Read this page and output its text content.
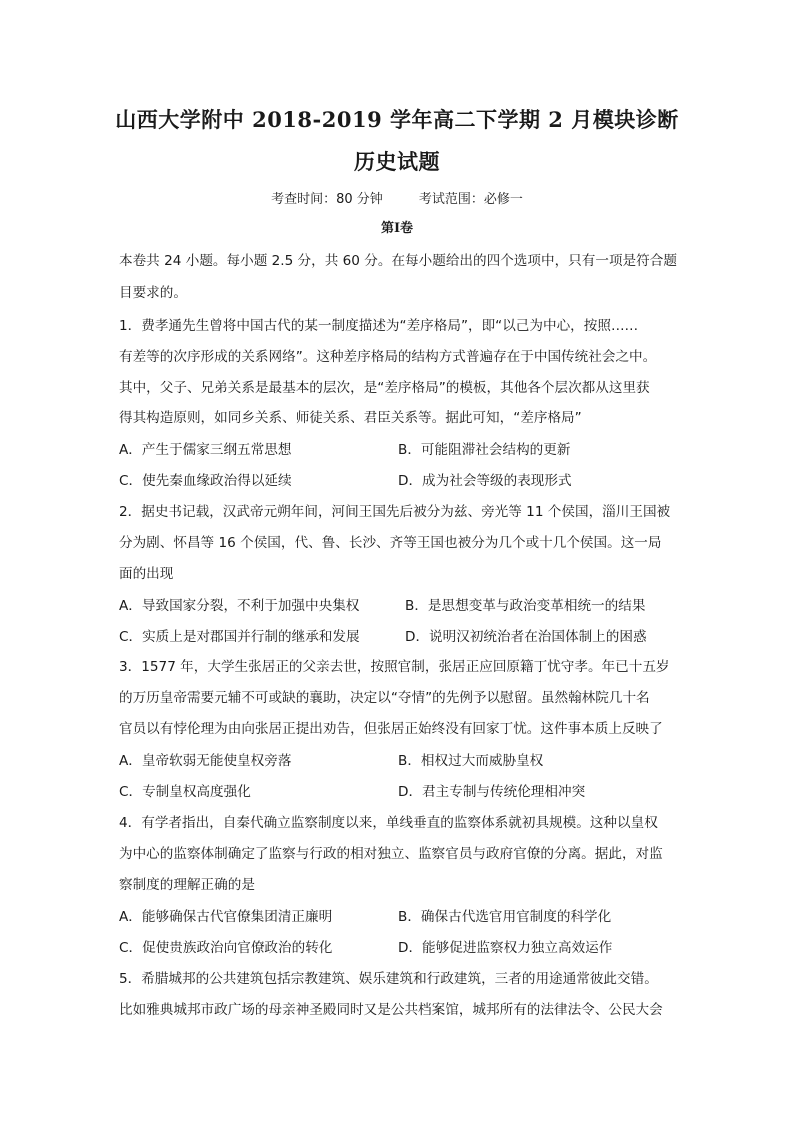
山西大学附中 2018-2019 学年高二下学期 2 月模块诊断
历史试题
考查时间：80 分钟	考试范围：必修一
第Ⅰ卷
本卷共 24 小题。每小题 2.5 分，共 60 分。在每小题给出的四个选项中，只有一项是符合题
目要求的。
1．费孝通先生曾将中国古代的某一制度描述为“差序格局”，即“以己为中心，按照……
有差等的次序形成的关系网络”。这种差序格局的结构方式普遍存在于中国传统社会之中。
其中，父子、兄弟关系是最基本的层次，是“差序格局”的模板，其他各个层次都从这里获
得其构造原则，如同乡关系、师徒关系、君臣关系等。据此可知，“差序格局”
A．产生于儒家三纲五常思想	B．可能阻滞社会结构的更新
C．使先秦血缘政治得以延续	D．成为社会等级的表现形式
2．据史书记载，汉武帝元朔年间，河间王国先后被分为兹、旁光等 11 个侯国，淄川王国被
分为剧、怀昌等 16 个侯国，代、鲁、长沙、齐等王国也被分为几个或十几个侯国。这一局
面的出现
A．导致国家分裂，不利于加强中央集权	B．是思想变革与政治变革相统一的结果
C．实质上是对郡国并行制的继承和发展	D．说明汉初统治者在治国体制上的困惑
3．1577 年，大学生张居正的父亲去世，按照官制，张居正应回原籍丁忧守孝。年已十五岁
的万历皇帝需要元辅不可或缺的襄助，决定以“夺情”的先例予以慰留。虽然翰林院几十名
官员以有悖伦理为由向张居正提出劝告，但张居正始终没有回家丁忧。这件事本质上反映了
A．皇帝软弱无能使皇权旁落	B．相权过大而威胁皇权
C．专制皇权高度强化	D．君主专制与传统伦理相冲突
4．有学者指出，自秦代确立监察制度以来，单线垂直的监察体系就初具规模。这种以皇权
为中心的监察体制确定了监察与行政的相对独立、监察官员与政府官僚的分离。据此，对监
察制度的理解正确的是
A．能够确保古代官僚集团清正廉明	B．确保古代选官用官制度的科学化
C．促使贵族政治向官僚政治的转化	D．能够促进监察权力独立高效运作
5．希腊城邦的公共建筑包括宗教建筑、娱乐建筑和行政建筑，三者的用途通常彼此交错。
比如雅典城邦市政广场的母亲神圣殿同时又是公共档案馆，城邦所有的法律法令、公民大会
